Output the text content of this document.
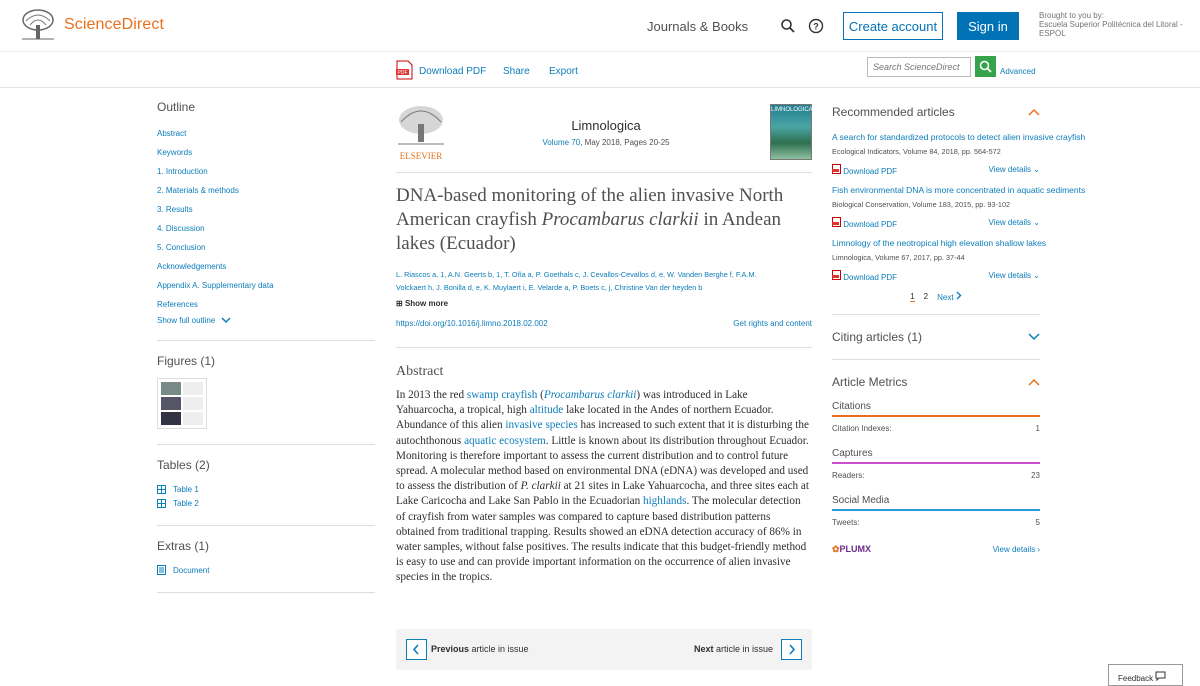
ScienceDirect	Journals & Books	?	Create account	Sign in
Brought to you by:
Escuela Superior Politécnica del Litoral -
ESPOL
PDF Download PDF Share Export
Search ScienceDirect	Advanced
Outline
Abstract
Keywords
1. Introduction
2. Materials & methods
3. Results
4. Discussion
5. Conclusion
Acknowledgements
Appendix A. Supplementary data
References
Show full outline
Figures (1)
Tables (2)
Table 1
Table 2
Extras (1)
Document
ELSEVIER
Limnologica
Volume 70, May 2018, Pages 20-25
LIMNOLOGICA
DNA-based monitoring of the alien invasive North American crayfish Procambarus clarkii in Andean lakes (Ecuador)
L. Riascos a, 1, A.N. Geerts b, 1, T. Oña a, P. Goethals c, J. Cevallos-Cevallos d, e, W. Vanden Berghe f, F.A.M.
Volckaert h, J. Bonilla d, e, K. Muylaert i, E. Velarde a, P. Boets c, j, Christine Van der heyden b
⊞ Show more
https://doi.org/10.1016/j.limno.2018.02.002	Get rights and content
Abstract

In 2013 the red swamp crayfish (Procambarus clarkii) was introduced in Lake Yahuarcocha, a tropical, high altitude lake located in the Andes of northern Ecuador. Abundance of this alien invasive species has increased to such extent that it is disturbing the autochthonous aquatic ecosystem. Little is known about its distribution throughout Ecuador. Monitoring is therefore important to assess the current distribution and to control future spread. A molecular method based on environmental DNA (eDNA) was developed and used to assess the distribution of P. clarkii at 21 sites in Lake Yahuarcocha, and three sites each at Lake Caricocha and Lake San Pablo in the Ecuadorian highlands. The molecular detection of crayfish from water samples was compared to capture based distribution patterns obtained from traditional trapping. Results showed an eDNA detection accuracy of 86% in water samples, without false positives. The results indicate that this budget-friendly method is easy to use and can provide important information on the occurrence of alien invasive species in the tropics.

Previous article in issue	Next article in issue
Recommended articles
A search for standardized protocols to detect alien invasive crayfish
Ecological Indicators, Volume 84, 2018, pp. 564-572
Download PDF	View details ⌄
Fish environmental DNA is more concentrated in aquatic sediments
Biological Conservation, Volume 183, 2015, pp. 93-102
Download PDF	View details ⌄
Limnology of the neotropical high elevation shallow lakes
Limnologica, Volume 67, 2017, pp. 37-44
Download PDF	View details ⌄
1 2 Next
Citing articles (1)
Article Metrics
Citations
Citation Indexes:	1
Captures
Readers:	23
Social Media
Tweets:	5
✿PLUMX	View details ›
Feedback
